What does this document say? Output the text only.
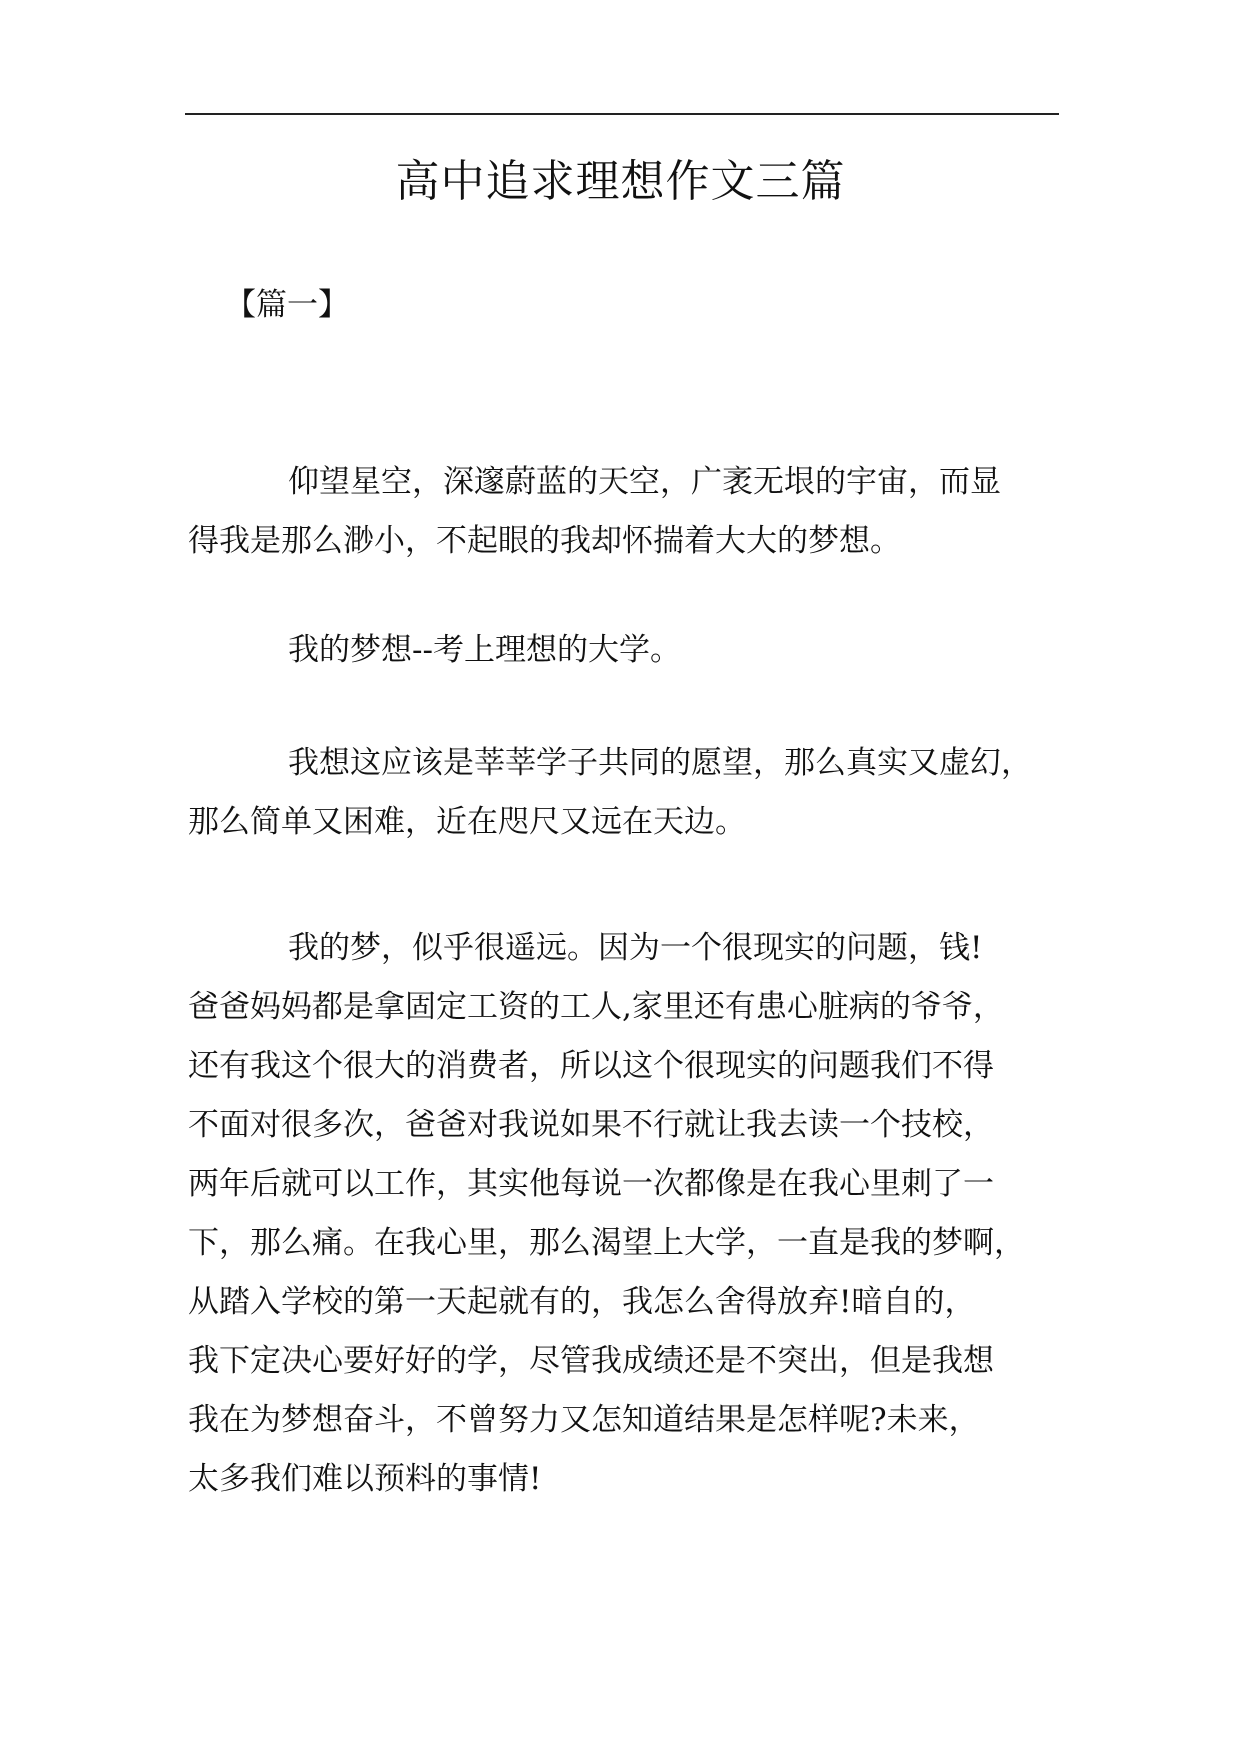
高中追求理想作文三篇
【篇一】
仰望星空，深邃蔚蓝的天空，广袤无垠的宇宙，而显
得我是那么渺小，不起眼的我却怀揣着大大的梦想。
我的梦想--考上理想的大学。
我想这应该是莘莘学子共同的愿望，那么真实又虚幻，
那么简单又困难，近在咫尺又远在天边。
我的梦，似乎很遥远。因为一个很现实的问题，钱!
爸爸妈妈都是拿固定工资的工人,家里还有患心脏病的爷爷，
还有我这个很大的消费者，所以这个很现实的问题我们不得
不面对很多次，爸爸对我说如果不行就让我去读一个技校，
两年后就可以工作，其实他每说一次都像是在我心里刺了一
下，那么痛。在我心里，那么渴望上大学，一直是我的梦啊，
从踏入学校的第一天起就有的，我怎么舍得放弃!暗自的，
我下定决心要好好的学，尽管我成绩还是不突出，但是我想
我在为梦想奋斗，不曾努力又怎知道结果是怎样呢?未来，
太多我们难以预料的事情!
